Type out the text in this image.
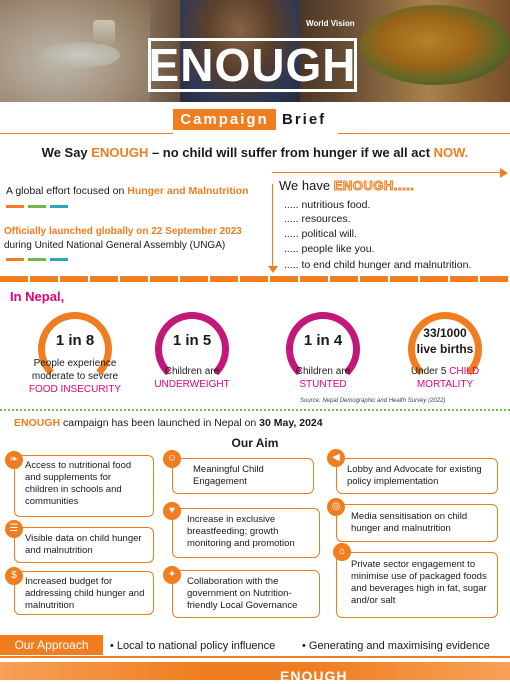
World Vision
ENOUGH
Campaign Brief
We Say ENOUGH – no child will suffer from hunger if we all act NOW.
A global effort focused on Hunger and Malnutrition
Officially launched globally on 22 September 2023
during United National General Assembly (UNGA)
We have ENOUGH.....
..... nutritious food.
..... resources.
..... political will.
..... people like you.
..... to end child hunger and malnutrition.
In Nepal,
1 in 8
People experience
moderate to severe
FOOD INSECURITY
1 in 5
Children are
UNDERWEIGHT
1 in 4
Children are
STUNTED
33/1000
live births
Under 5 CHILD
MORTALITY
Source: Nepal Demographic and Health Survey (2022)
ENOUGH campaign has been launched in Nepal on 30 May, 2024
Our Aim
Access to nutritional food and supplements for children in schools and communities
❧
Visible data on child hunger and malnutrition
☰
Increased budget for addressing child hunger and malnutrition
$
Meaningful Child Engagement
☺
Increase in exclusive breastfeeding; growth monitoring and promotion
♥
Collaboration with the government on Nutrition-friendly Local Governance
✦
Lobby and Advocate for existing policy implementation
◀
Media sensitisation on child hunger and malnutrition
◎
Private sector engagement to minimise use of packaged foods and beverages high in fat, sugar and/or salt
⌂
Our Approach	• Local to national policy influence • Generating and maximising evidence
ENOUGH
